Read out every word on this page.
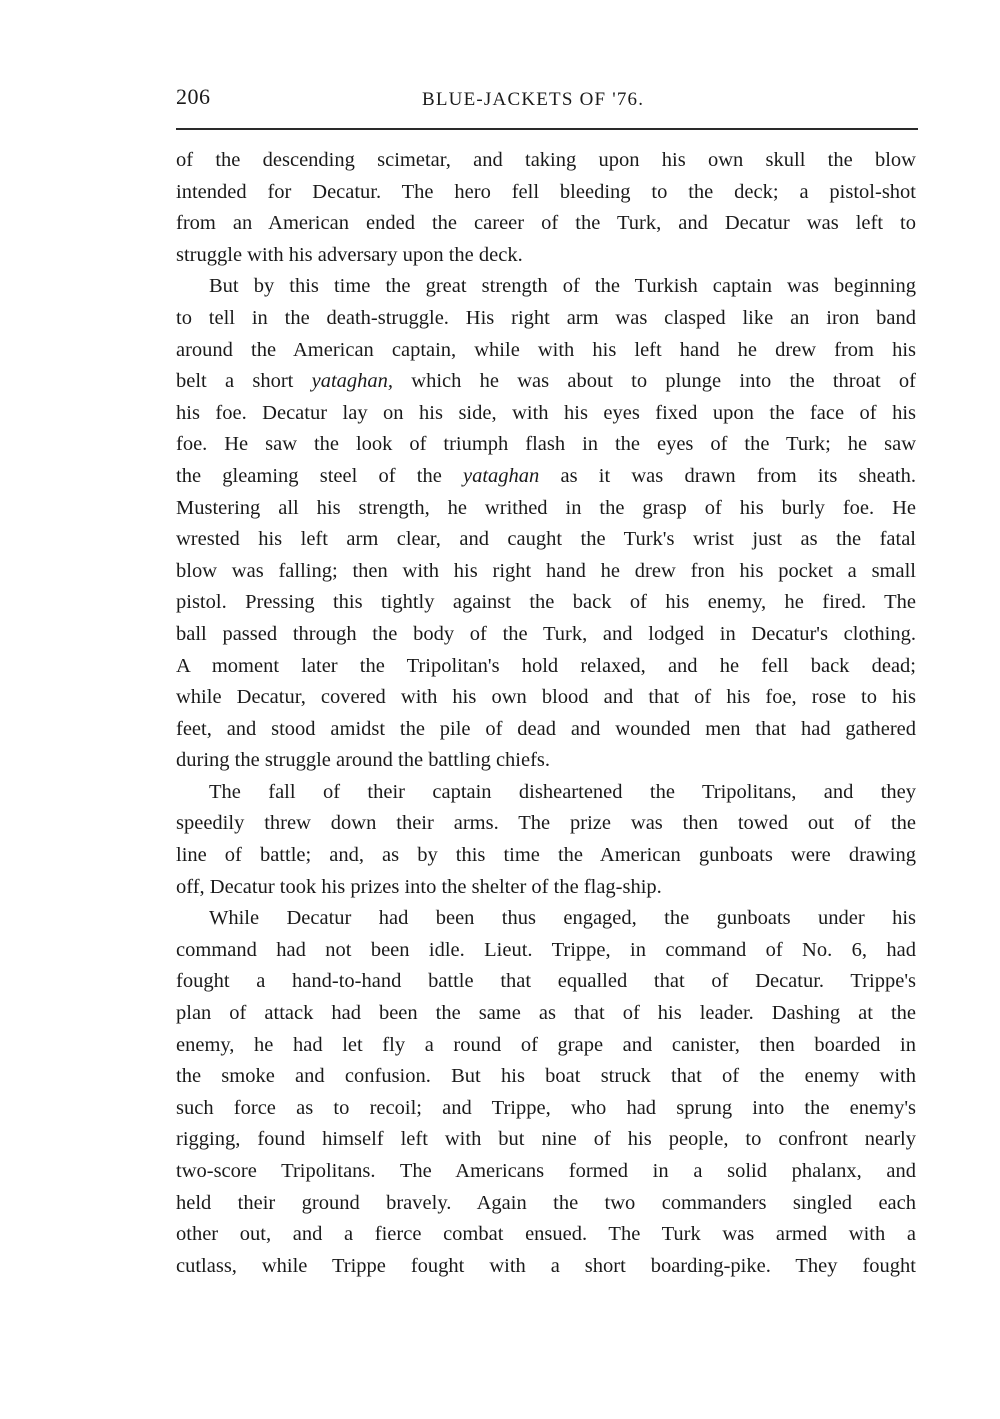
206	BLUE-JACKETS OF '76.
of the descending scimetar, and taking upon his own skull the blow
intended for Decatur. The hero fell bleeding to the deck; a pistol-shot
from an American ended the career of the Turk, and Decatur was left to
struggle with his adversary upon the deck.
But by this time the great strength of the Turkish captain was beginning
to tell in the death-struggle. His right arm was clasped like an iron band
around the American captain, while with his left hand he drew from his
belt a short yataghan, which he was about to plunge into the throat of
his foe. Decatur lay on his side, with his eyes fixed upon the face of his
foe. He saw the look of triumph flash in the eyes of the Turk; he saw
the gleaming steel of the yataghan as it was drawn from its sheath.
Mustering all his strength, he writhed in the grasp of his burly foe. He
wrested his left arm clear, and caught the Turk's wrist just as the fatal
blow was falling; then with his right hand he drew fron his pocket a small
pistol. Pressing this tightly against the back of his enemy, he fired. The
ball passed through the body of the Turk, and lodged in Decatur's clothing.
A moment later the Tripolitan's hold relaxed, and he fell back dead;
while Decatur, covered with his own blood and that of his foe, rose to his
feet, and stood amidst the pile of dead and wounded men that had gathered
during the struggle around the battling chiefs.
The fall of their captain disheartened the Tripolitans, and they
speedily threw down their arms. The prize was then towed out of the
line of battle; and, as by this time the American gunboats were drawing
off, Decatur took his prizes into the shelter of the flag-ship.
While Decatur had been thus engaged, the gunboats under his
command had not been idle. Lieut. Trippe, in command of No. 6, had
fought a hand-to-hand battle that equalled that of Decatur. Trippe's
plan of attack had been the same as that of his leader. Dashing at the
enemy, he had let fly a round of grape and canister, then boarded in
the smoke and confusion. But his boat struck that of the enemy with
such force as to recoil; and Trippe, who had sprung into the enemy's
rigging, found himself left with but nine of his people, to confront nearly
two-score Tripolitans. The Americans formed in a solid phalanx, and
held their ground bravely. Again the two commanders singled each
other out, and a fierce combat ensued. The Turk was armed with a
cutlass, while Trippe fought with a short boarding-pike. They fought
